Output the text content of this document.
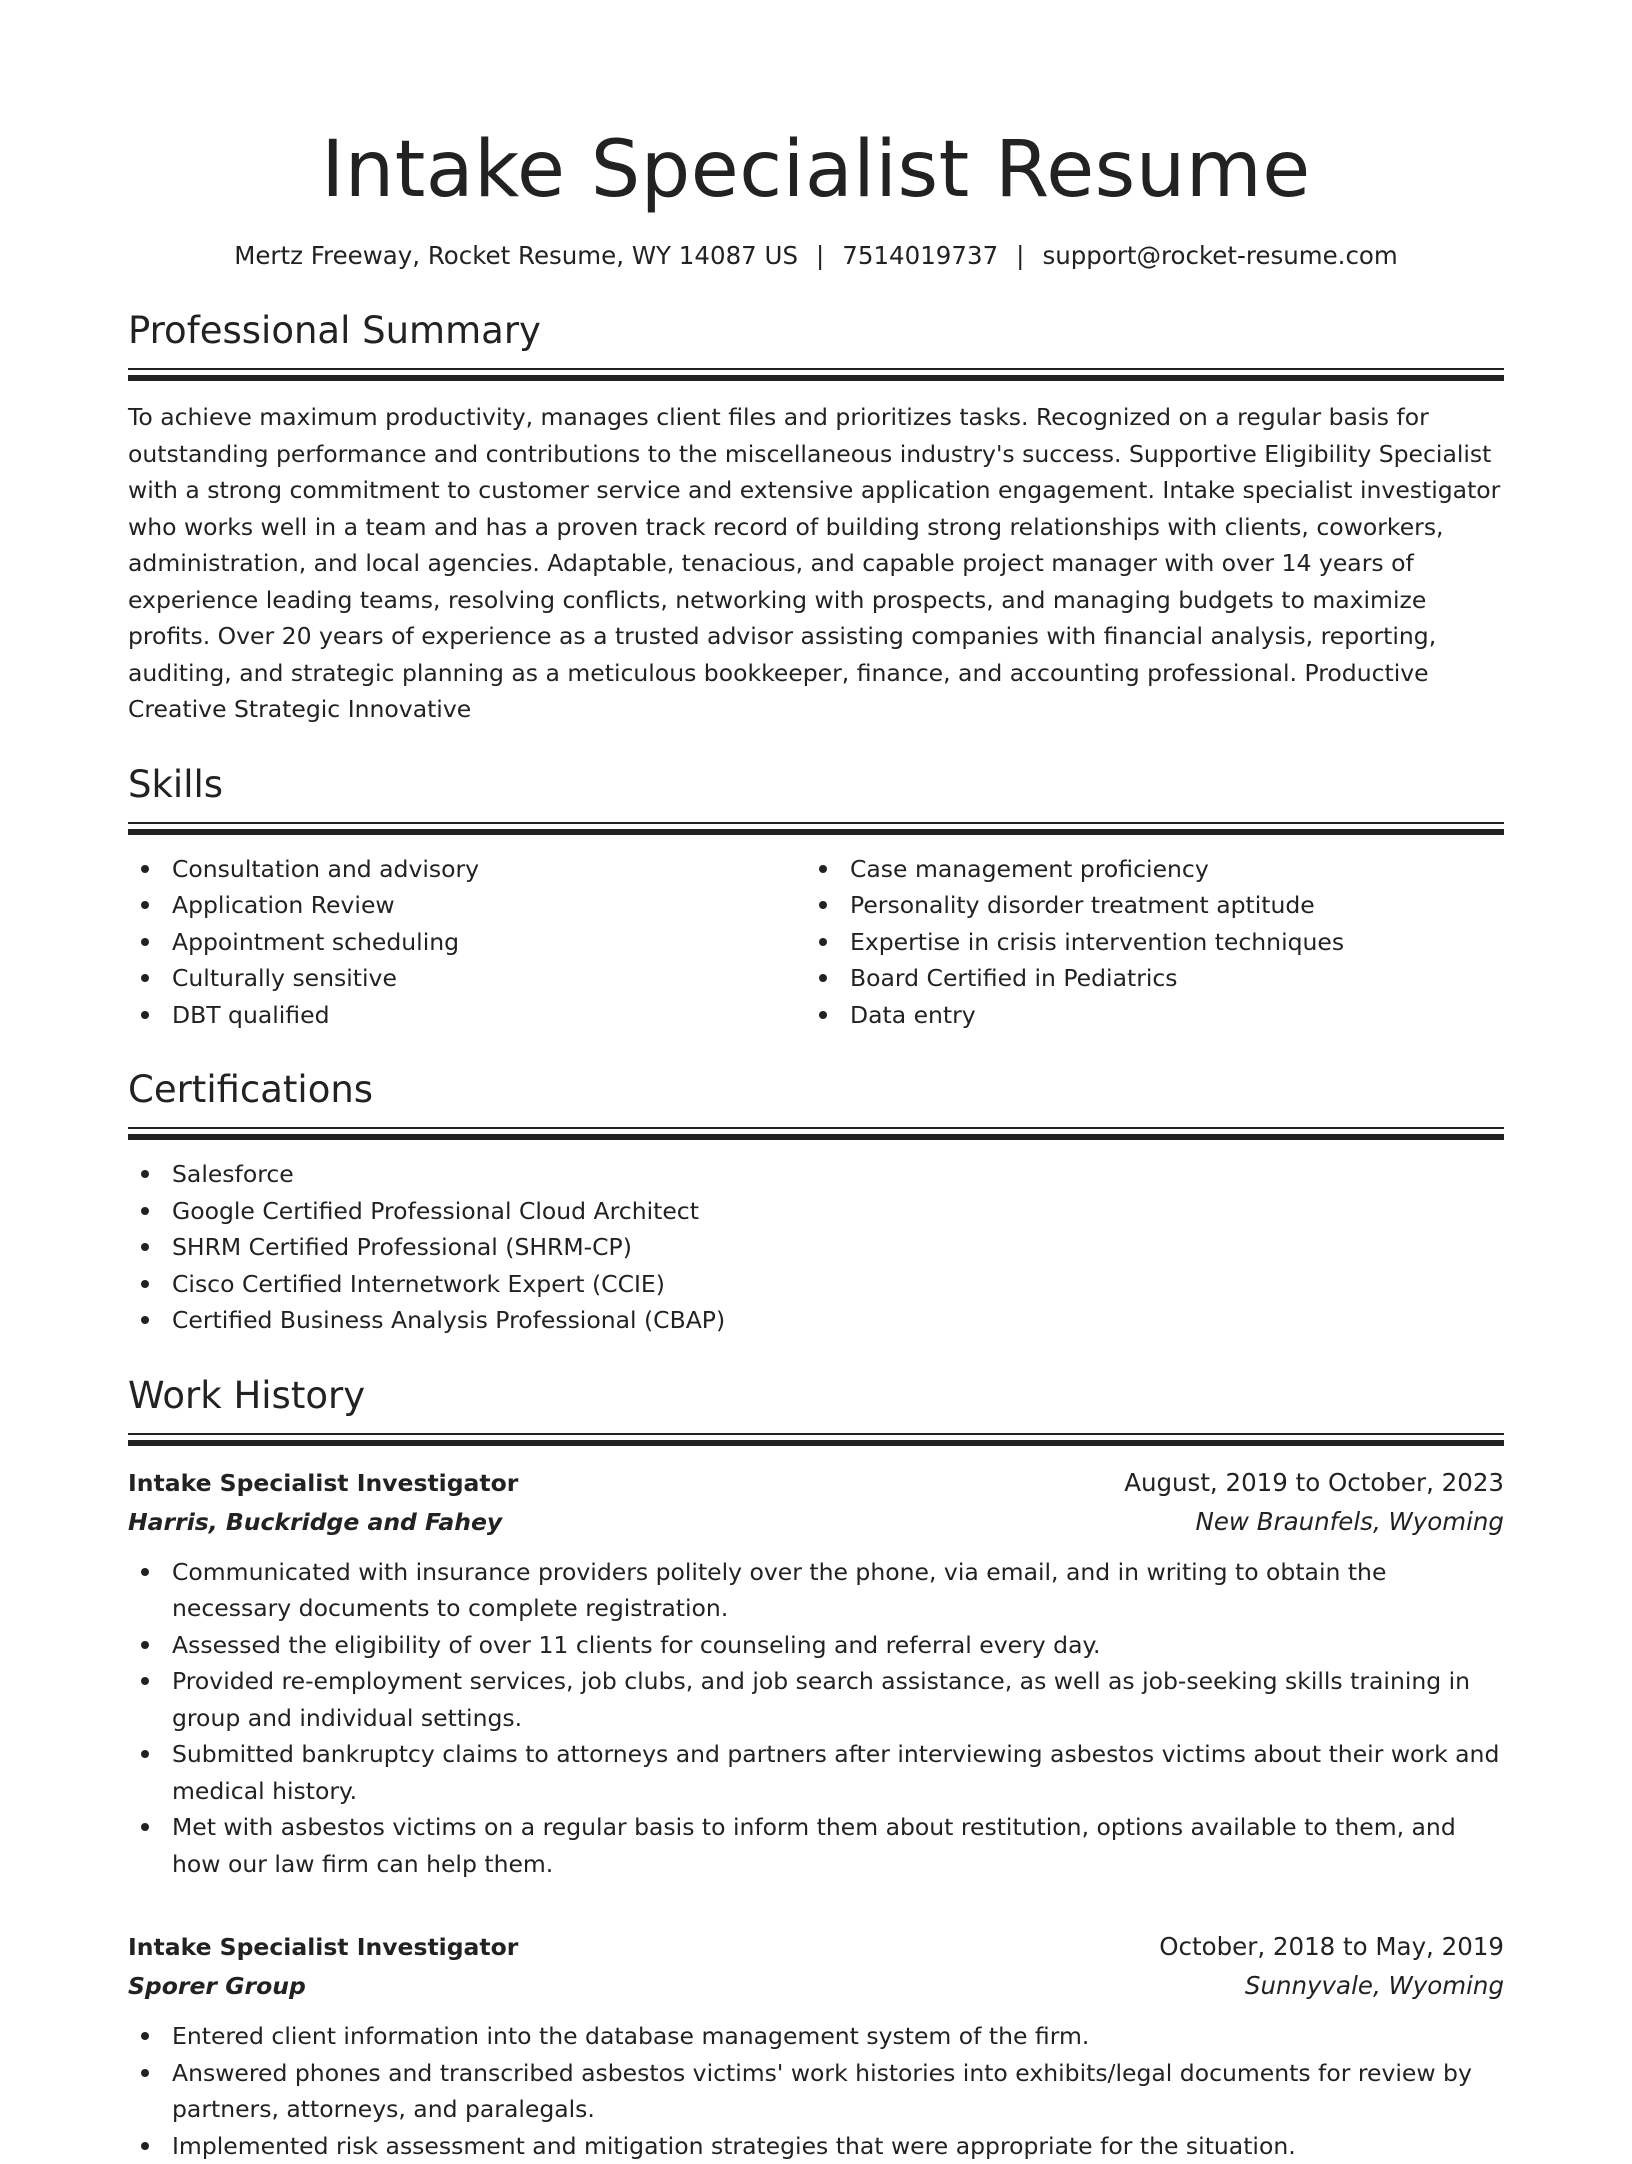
Intake Specialist Resume
Mertz Freeway, Rocket Resume, WY 14087 US | 7514019737 | support@rocket-resume.com
Professional Summary

To achieve maximum productivity, manages client files and prioritizes tasks. Recognized on a regular basis for outstanding performance and contributions to the miscellaneous industry's success. Supportive Eligibility Specialist with a strong commitment to customer service and extensive application engagement. Intake specialist investigator who works well in a team and has a proven track record of building strong relationships with clients, coworkers, administration, and local agencies. Adaptable, tenacious, and capable project manager with over 14 years of experience leading teams, resolving conflicts, networking with prospects, and managing budgets to maximize profits. Over 20 years of experience as a trusted advisor assisting companies with financial analysis, reporting, auditing, and strategic planning as a meticulous bookkeeper, finance, and accounting professional. Productive Creative Strategic Innovative

Skills
Consultation and advisory
Application Review
Appointment scheduling
Culturally sensitive
DBT qualified
Case management proficiency
Personality disorder treatment aptitude
Expertise in crisis intervention techniques
Board Certified in Pediatrics
Data entry
Certifications
Salesforce
Google Certified Professional Cloud Architect
SHRM Certified Professional (SHRM-CP)
Cisco Certified Internetwork Expert (CCIE)
Certified Business Analysis Professional (CBAP)
Work History
Intake Specialist Investigator	August, 2019 to October, 2023
Harris, Buckridge and Fahey	New Braunfels, Wyoming
Communicated with insurance providers politely over the phone, via email, and in writing to obtain the necessary documents to complete registration.
Assessed the eligibility of over 11 clients for counseling and referral every day.
Provided re-employment services, job clubs, and job search assistance, as well as job-seeking skills training in group and individual settings.
Submitted bankruptcy claims to attorneys and partners after interviewing asbestos victims about their work and medical history.
Met with asbestos victims on a regular basis to inform them about restitution, options available to them, and how our law firm can help them.
Intake Specialist Investigator	October, 2018 to May, 2019
Sporer Group	Sunnyvale, Wyoming
Entered client information into the database management system of the firm.
Answered phones and transcribed asbestos victims' work histories into exhibits/legal documents for review by partners, attorneys, and paralegals.
Implemented risk assessment and mitigation strategies that were appropriate for the situation.
